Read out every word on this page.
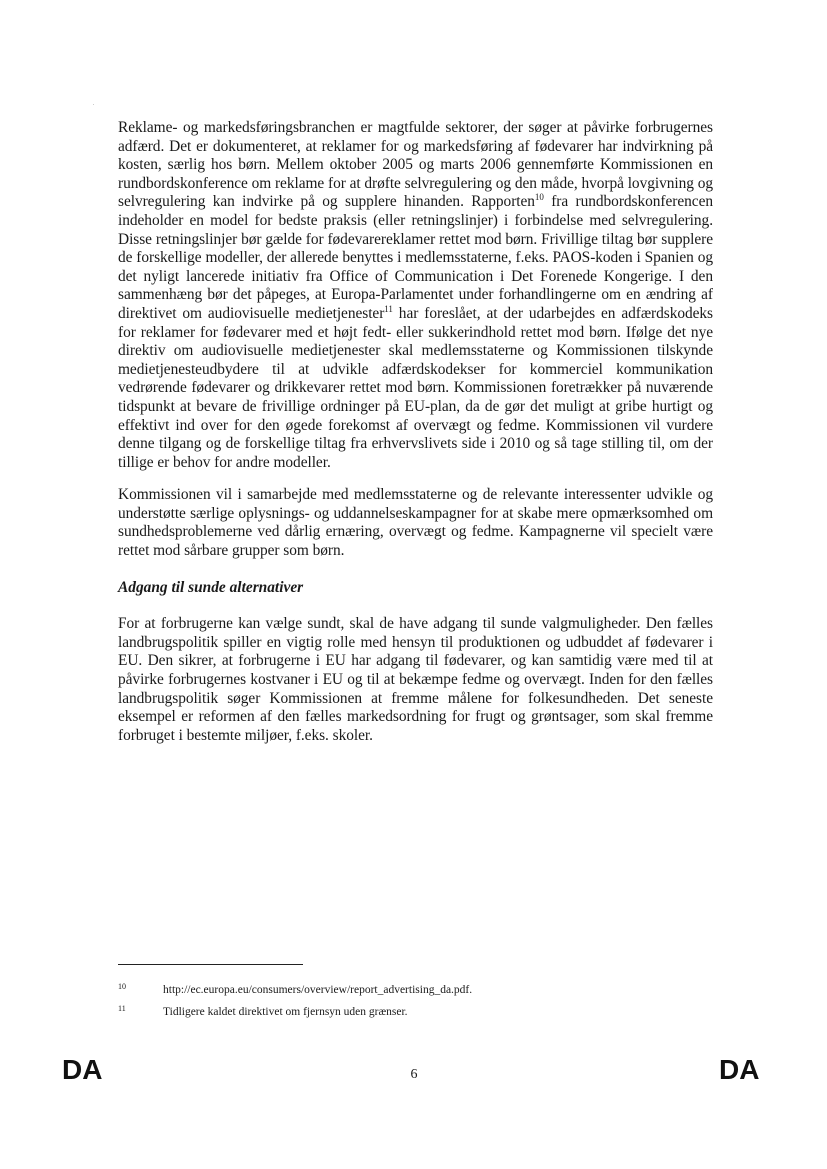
Reklame- og markedsføringsbranchen er magtfulde sektorer, der søger at påvirke forbrugernes adfærd. Det er dokumenteret, at reklamer for og markedsføring af fødevarer har indvirkning på kosten, særlig hos børn. Mellem oktober 2005 og marts 2006 gennemførte Kommissionen en rundbordskonference om reklame for at drøfte selvregulering og den måde, hvorpå lovgivning og selvregulering kan indvirke på og supplere hinanden. Rapporten$^{10}$ fra rundbordskonferencen indeholder en model for bedste praksis (eller retningslinjer) i forbindelse med selvregulering. Disse retningslinjer bør gælde for fødevarereklamer rettet mod børn. Frivillige tiltag bør supplere de forskellige modeller, der allerede benyttes i medlemsstaterne, f.eks. PAOS-koden i Spanien og det nyligt lancerede initiativ fra Office of Communication i Det Forenede Kongerige. I den sammenhæng bør det påpeges, at Europa-Parlamentet under forhandlingerne om en ændring af direktivet om audiovisuelle medietjenester$^{11}$ har foreslået, at der udarbejdes en adfærdskodeks for reklamer for fødevarer med et højt fedt- eller sukkerindhold rettet mod børn. Ifølge det nye direktiv om audiovisuelle medietjenester skal medlemsstaterne og Kommissionen tilskynde medietjenesteudbydere til at udvikle adfærdskodekser for kommerciel kommunikation vedrørende fødevarer og drikkevarer rettet mod børn. Kommissionen foretrækker på nuværende tidspunkt at bevare de frivillige ordninger på EU-plan, da de gør det muligt at gribe hurtigt og effektivt ind over for den øgede forekomst af overvægt og fedme. Kommissionen vil vurdere denne tilgang og de forskellige tiltag fra erhvervslivets side i 2010 og så tage stilling til, om der tillige er behov for andre modeller.

Kommissionen vil i samarbejde med medlemsstaterne og de relevante interessenter udvikle og understøtte særlige oplysnings- og uddannelseskampagner for at skabe mere opmærksomhed om sundhedsproblemerne ved dårlig ernæring, overvægt og fedme. Kampagnerne vil specielt være rettet mod sårbare grupper som børn.

Adgang til sunde alternativer

For at forbrugerne kan vælge sundt, skal de have adgang til sunde valgmuligheder. Den fælles landbrugspolitik spiller en vigtig rolle med hensyn til produktionen og udbuddet af fødevarer i EU. Den sikrer, at forbrugerne i EU har adgang til fødevarer, og kan samtidig være med til at påvirke forbrugernes kostvaner i EU og til at bekæmpe fedme og overvægt. Inden for den fælles landbrugspolitik søger Kommissionen at fremme målene for folkesundheden. Det seneste eksempel er reformen af den fælles markedsordning for frugt og grøntsager, som skal fremme forbruget i bestemte miljøer, f.eks. skoler.

10	http://ec.europa.eu/consumers/overview/report_advertising_da.pdf.
11	Tidligere kaldet direktivet om fjernsyn uden grænser.
DA	6	DA
